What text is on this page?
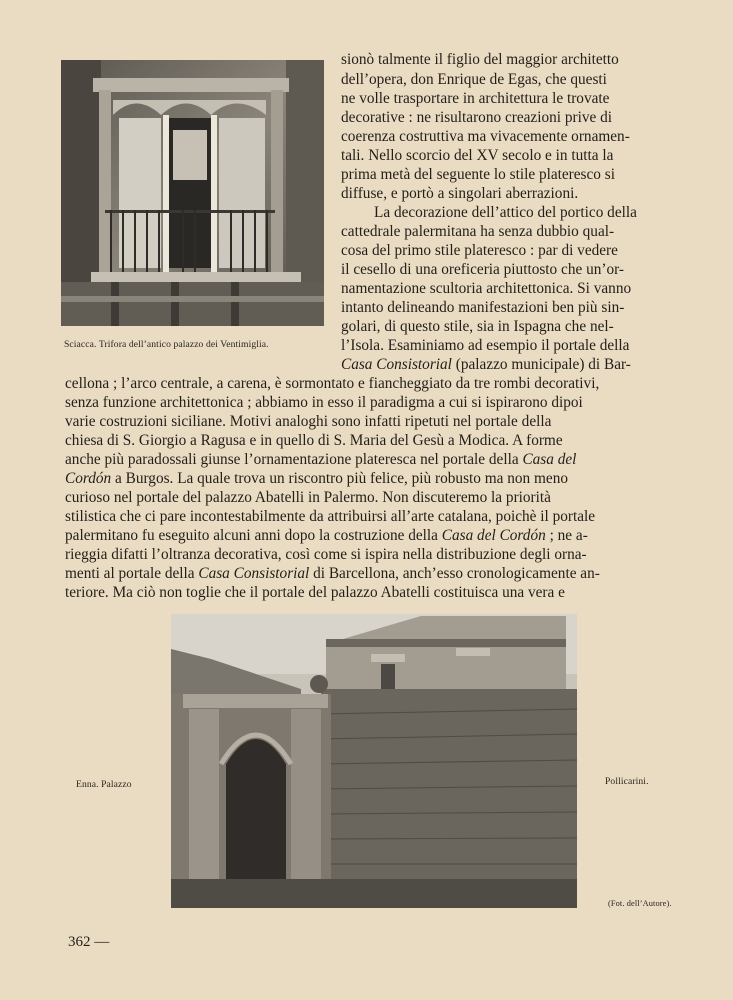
Sciacca. Trifora dell’antico palazzo dei Ventimiglia.
sionò talmente il figlio del maggior architetto
dell’opera, don Enrique de Egas, che questi
ne volle trasportare in architettura le trovate
decorative : ne risultarono creazioni prive di
coerenza costruttiva ma vivacemente ornamen-
tali. Nello scorcio del XV secolo e in tutta la
prima metà del seguente lo stile plateresco si
diffuse, e portò a singolari aberrazioni.
La decorazione dell’attico del portico della
cattedrale palermitana ha senza dubbio qual-
cosa del primo stile plateresco : par di vedere
il cesello di una oreficeria piuttosto che un’or-
namentazione scultoria architettonica. Si vanno
intanto delineando manifestazioni ben più sin-
golari, di questo stile, sia in Ispagna che nel-
l’Isola. Esaminiamo ad esempio il portale della
Casa Consistorial (palazzo municipale) di Bar-
cellona ; l’arco centrale, a carena, è sormontato e fiancheggiato da tre rombi decorativi,
senza funzione architettonica ; abbiamo in esso il paradigma a cui si ispirarono dipoi
varie costruzioni siciliane. Motivi analoghi sono infatti ripetuti nel portale della
chiesa di S. Giorgio a Ragusa e in quello di S. Maria del Gesù a Modica. A forme
anche più paradossali giunse l’ornamentazione plateresca nel portale della Casa del
Cordón a Burgos. La quale trova un riscontro più felice, più robusto ma non meno
curioso nel portale del palazzo Abatelli in Palermo. Non discuteremo la priorità
stilistica che ci pare incontestabilmente da attribuirsi all’arte catalana, poichè il portale
palermitano fu eseguito alcuni anni dopo la costruzione della Casa del Cordón ; ne a-
rieggia difatti l’oltranza decorativa, così come si ispira nella distribuzione degli orna-
menti al portale della Casa Consistorial di Barcellona, anch’esso cronologicamente an-
teriore. Ma ciò non toglie che il portale del palazzo Abatelli costituisca una vera e
Enna. Palazzo	Pollicarini.
(Fot. dell’Autore).
362 —
